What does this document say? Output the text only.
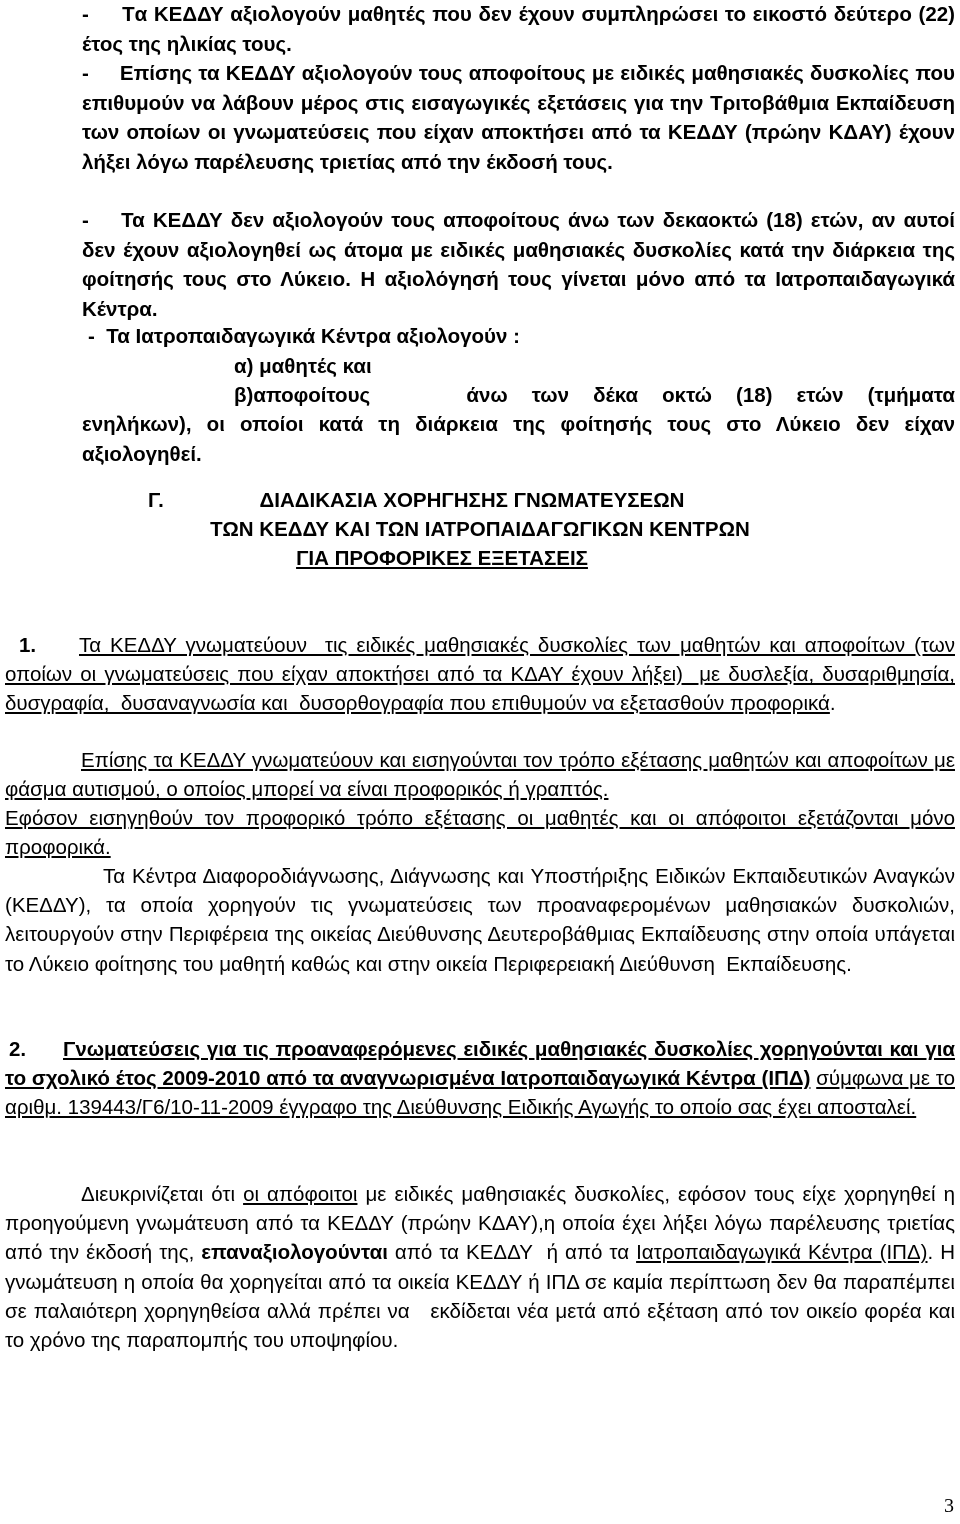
-     Tα ΚΕΔΔΥ αξιολογούν μαθητές που δεν έχουν συμπληρώσει το εικοστό δεύτερο (22) έτος της ηλικίας τους.

-     Επίσης τα ΚΕΔΔΥ αξιολογούν τους αποφοίτους με ειδικές μαθησιακές δυσκολίες που επιθυμούν να λάβουν μέρος στις εισαγωγικές εξετάσεις για την Τριτοβάθμια Εκπαίδευση των οποίων οι γνωματεύσεις που είχαν αποκτήσει από τα ΚΕΔΔΥ (πρώην ΚΔΑΥ) έχουν λήξει λόγω παρέλευσης τριετίας από την έκδοσή τους.

-    Τα ΚΕΔΔΥ δεν αξιολογούν τους αποφοίτους άνω των δεκαοκτώ (18) ετών, αν αυτοί δεν έχουν αξιολογηθεί ως άτομα με ειδικές μαθησιακές δυσκολίες κατά την διάρκεια της φοίτησής τους στο Λύκειο. Η αξιολόγησή τους γίνεται μόνο από τα Ιατροπαιδαγωγικά Κέντρα.

-  Τα Ιατροπαιδαγωγικά Κέντρα αξιολογούν :

α) μαθητές και

β)αποφοίτους    άνω των δέκα οκτώ (18) ετών (τμήματα

ενηλήκων), οι οποίοι κατά τη διάρκεια της φοίτησής τους στο Λύκειο δεν είχαν αξιολογηθεί.

Γ.	ΔΙΑΔΙΚΑΣΙΑ ΧΟΡΗΓΗΣΗΣ ΓΝΩΜΑΤΕΥΣΕΩΝ

ΤΩΝ ΚΕΔΔΥ ΚΑΙ ΤΩΝ ΙΑΤΡΟΠΑΙΔΑΓΩΓΙΚΩΝ ΚΕΝΤΡΩΝ

ΓΙΑ ΠΡΟΦΟΡΙΚΕΣ ΕΞΕΤΑΣΕΙΣ

1. Τα ΚΕΔΔΥ γνωματεύουν  τις ειδικές μαθησιακές δυσκολίες των μαθητών και αποφοίτων (των οποίων οι γνωματεύσεις που είχαν αποκτήσει από τα ΚΔΑΥ έχουν λήξει)  με δυσλεξία, δυσαριθμησία, δυσγραφία,  δυσαναγνωσία και  δυσορθογραφία που επιθυμούν να εξετασθούν προφορικά.

Επίσης τα ΚΕΔΔΥ γνωματεύουν και εισηγούνται τον τρόπο εξέτασης μαθητών και αποφοίτων με φάσμα αυτισμού, ο οποίος μπορεί να είναι προφορικός ή γραπτός.

Εφόσον εισηγηθούν τον προφορικό τρόπο εξέτασης οι μαθητές και οι απόφοιτοι εξετάζονται μόνο προφορικά.

Τα Κέντρα Διαφοροδιάγνωσης, Διάγνωσης και Υποστήριξης Ειδικών Εκπαιδευτικών Αναγκών (ΚΕΔΔΥ), τα οποία χορηγούν τις γνωματεύσεις των προαναφερομένων μαθησιακών δυσκολιών, λειτουργούν στην Περιφέρεια της οικείας Διεύθυνσης Δευτεροβάθμιας Εκπαίδευσης στην οποία υπάγεται το Λύκειο φοίτησης του μαθητή καθώς και στην οικεία Περιφερειακή Διεύθυνση  Εκπαίδευσης.

2. Γνωματεύσεις για τις προαναφερόμενες ειδικές μαθησιακές δυσκολίες χορηγούνται και για το σχολικό έτος 2009-2010 από τα αναγνωρισμένα Ιατροπαιδαγωγικά Κέντρα (ΙΠΔ) σύμφωνα με το αριθμ. 139443/Γ6/10-11-2009 έγγραφο της Διεύθυνσης Ειδικής Αγωγής το οποίο σας έχει αποσταλεί.

Διευκρινίζεται ότι οι απόφοιτοι με ειδικές μαθησιακές δυσκολίες, εφόσον τους είχε χορηγηθεί η προηγούμενη γνωμάτευση από τα ΚΕΔΔΥ (πρώην ΚΔΑΥ),η οποία έχει λήξει λόγω παρέλευσης τριετίας από την έκδοσή της, επαναξιολογούνται από τα ΚΕΔΔΥ  ή από τα Ιατροπαιδαγωγικά Κέντρα (ΙΠΔ). Η γνωμάτευση η οποία θα χορηγείται από τα οικεία ΚΕΔΔΥ ή ΙΠΔ σε καμία περίπτωση δεν θα παραπέμπει σε παλαιότερη χορηγηθείσα αλλά πρέπει να   εκδίδεται νέα μετά από εξέταση από τον οικείο φορέα και το χρόνο της παραπομπής του υποψηφίου.

3
